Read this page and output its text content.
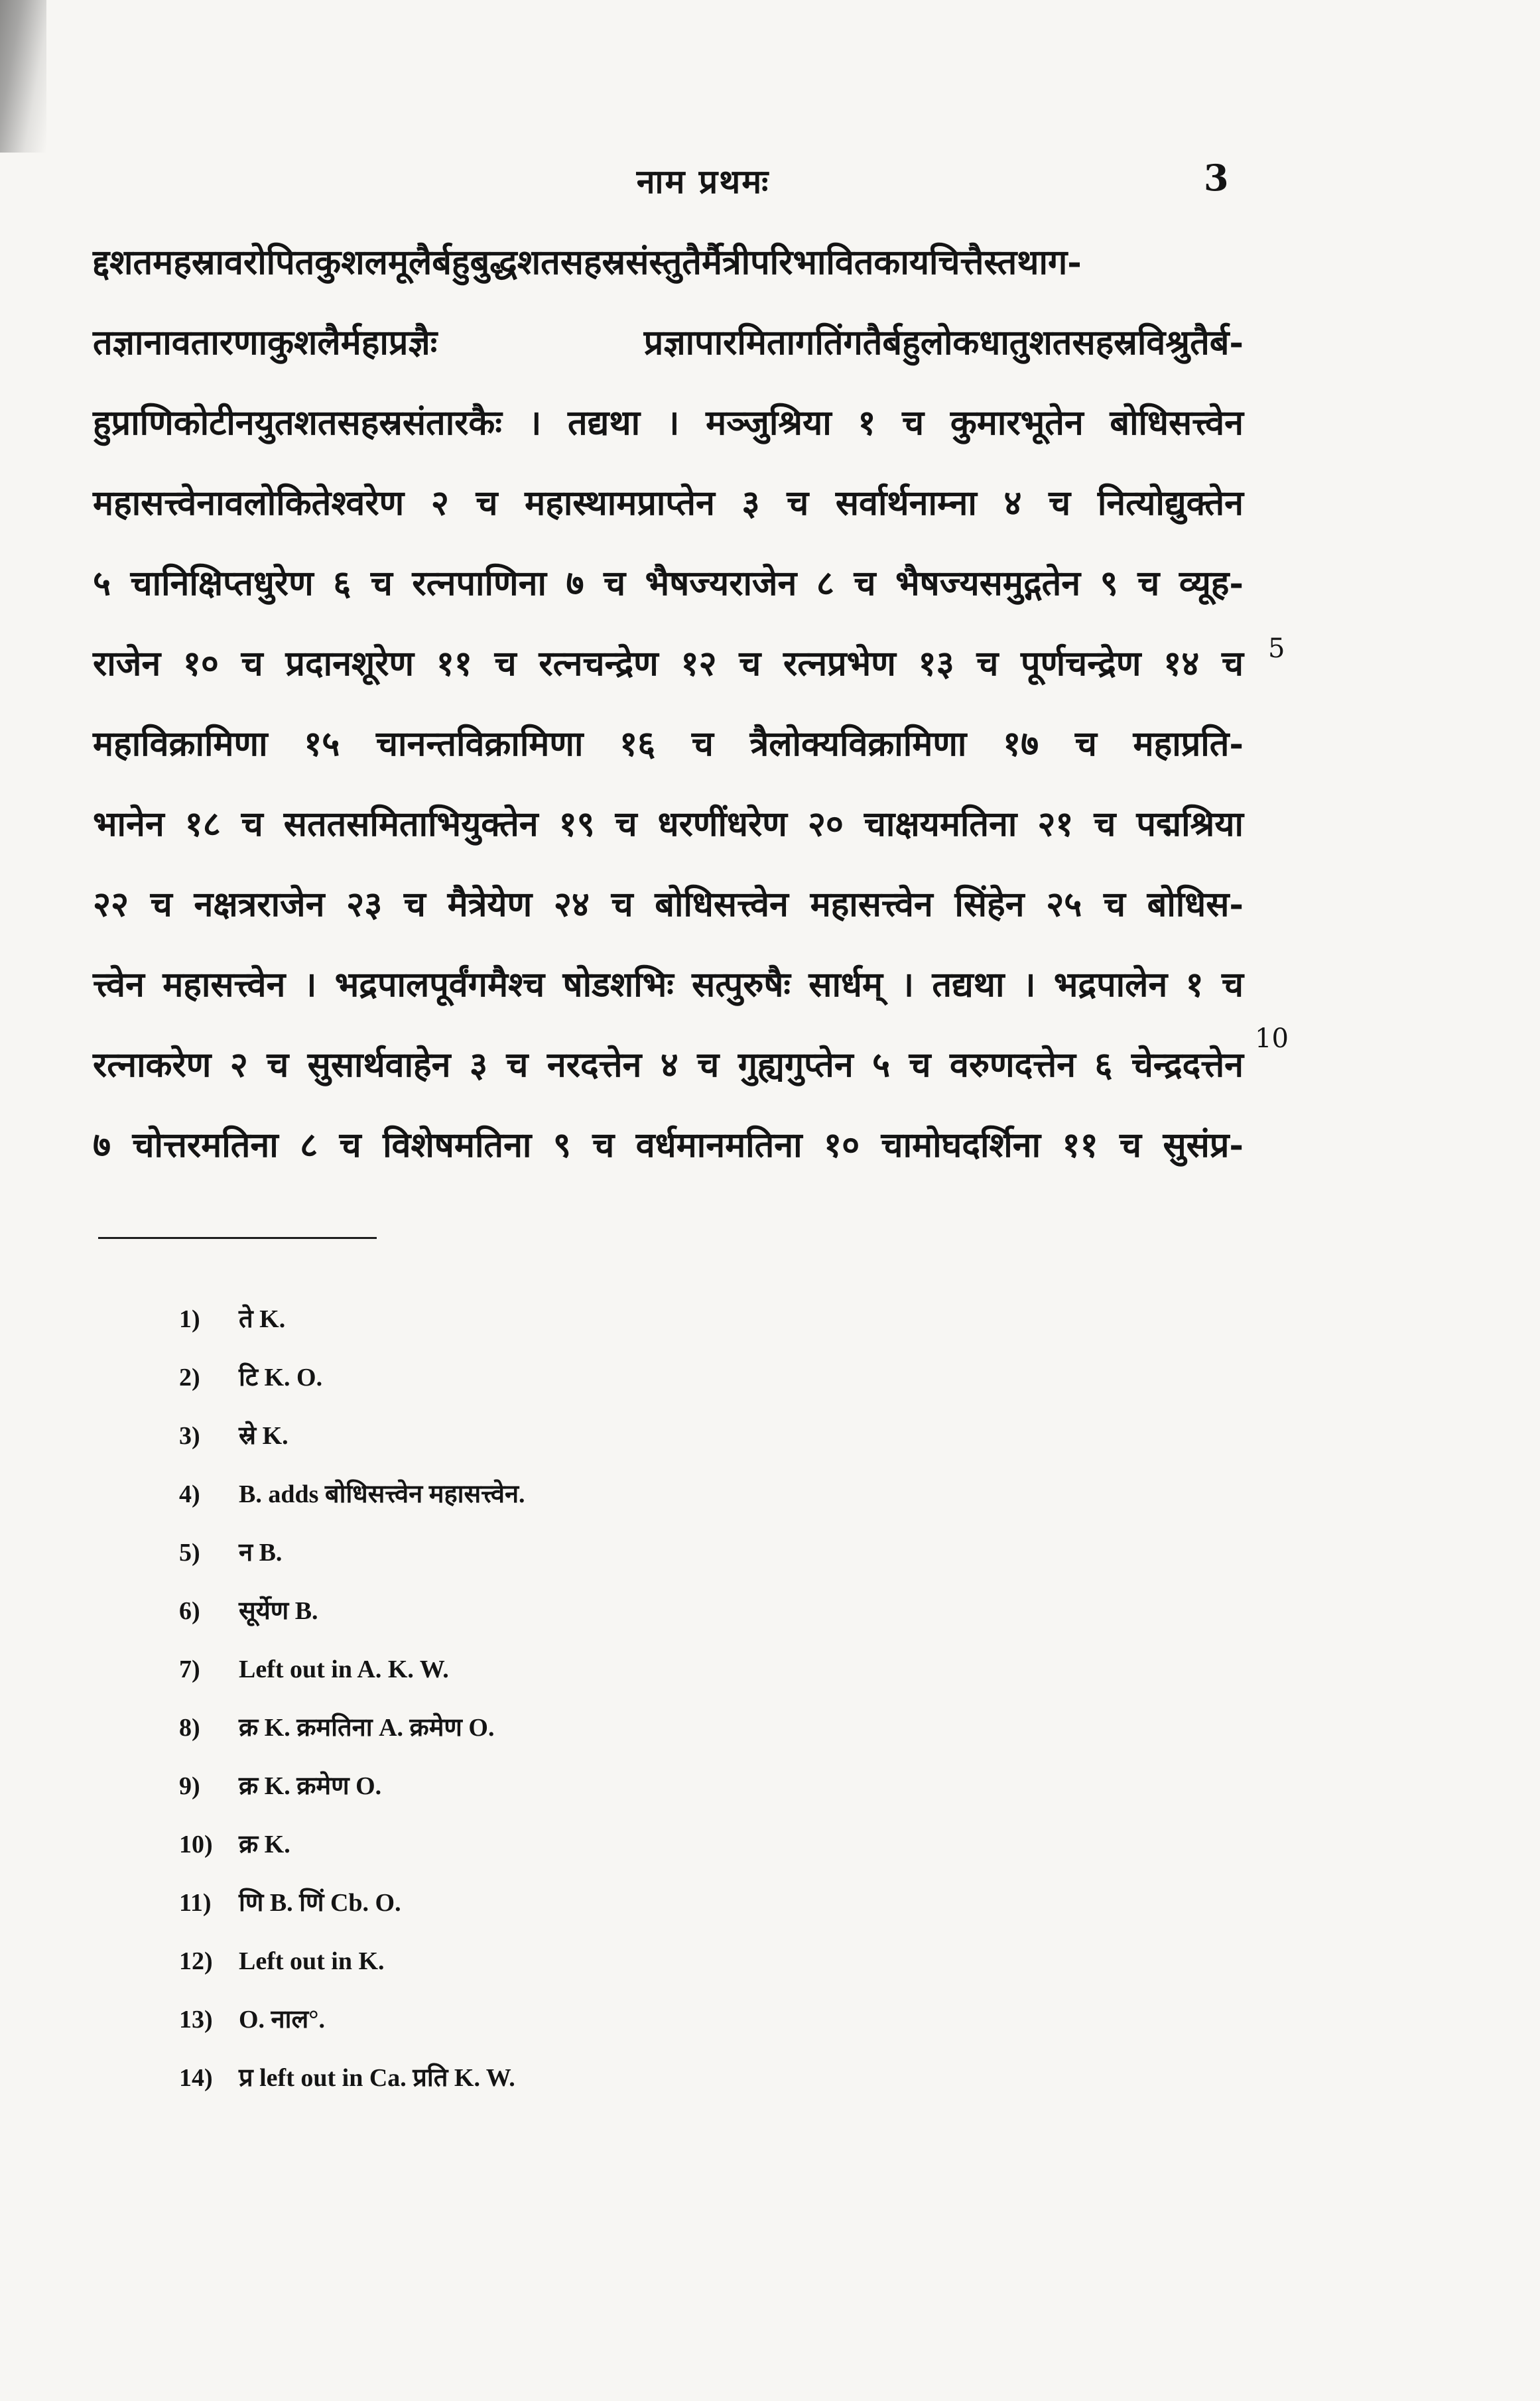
नाम प्रथमः	3
द्दशतमहस्रावरोपितकुशलमूलैर्बहुबुद्धशतसहस्रसंस्तुतैर्मैत्रीपरिभावितकायचित्तैस्तथाग-
तज्ञानावतारणाकुशलैर्महाप्रज्ञैः प्रज्ञापारमितागतिंगतैर्बहुलोकधातुशतसहस्रविश्रुतैर्ब-
हुप्राणिकोटीनयुतशतसहस्रसंतारकैः । तद्यथा । मञ्जुश्रिया १ च कुमारभूतेन बोधिसत्त्वेन
महासत्त्वेनावलोकितेश्वरेण २ च महास्थामप्राप्तेन ३ च सर्वार्थनाम्ना ४ च नित्योद्युक्तेन
५ चानिक्षिप्तधुरेण ६ च रत्नपाणिना ७ च भैषज्यराजेन ८ च भैषज्यसमुद्गतेन ९ च व्यूह-
राजेन १० च प्रदानशूरेण ११ च रत्नचन्द्रेण १२ च रत्नप्रभेण १३ च पूर्णचन्द्रेण १४ च
महाविक्रामिणा १५ चानन्तविक्रामिणा १६ च त्रैलोक्यविक्रामिणा १७ च महाप्रति-
भानेन १८ च सततसमिताभियुक्तेन १९ च धरणींधरेण २० चाक्षयमतिना २१ च पद्मश्रिया
२२ च नक्षत्रराजेन २३ च मैत्रेयेण २४ च बोधिसत्त्वेन महासत्त्वेन सिंहेन २५ च बोधिस-
त्त्वेन महासत्त्वेन । भद्रपालपूर्वंगमैश्च षोडशभिः सत्पुरुषैः सार्धम् । तद्यथा । भद्रपालेन १ च
रत्नाकरेण २ च सुसार्थवाहेन ३ च नरदत्तेन ४ च गुह्यगुप्तेन ५ च वरुणदत्तेन ६ चेन्द्रदत्तेन
७ चोत्तरमतिना ८ च विशेषमतिना ९ च वर्धमानमतिना १० चामोघदर्शिना ११ च सुसंप्र-
5
10
1) ते K.
2) टि K. O.
3) स्रे K.
4) B. adds बोधिसत्त्वेन महासत्त्वेन.
5) न B.
6) सूर्येण B.
7) Left out in A. K. W.
8) क्र K. क्रमतिना A. क्रमेण O.
9) क्र K. क्रमेण O.
10) क्र K.
11) णि B. णिं Cb. O.
12) Left out in K.
13) O. नाल°.
14) प्र left out in Ca. प्रति K. W.
